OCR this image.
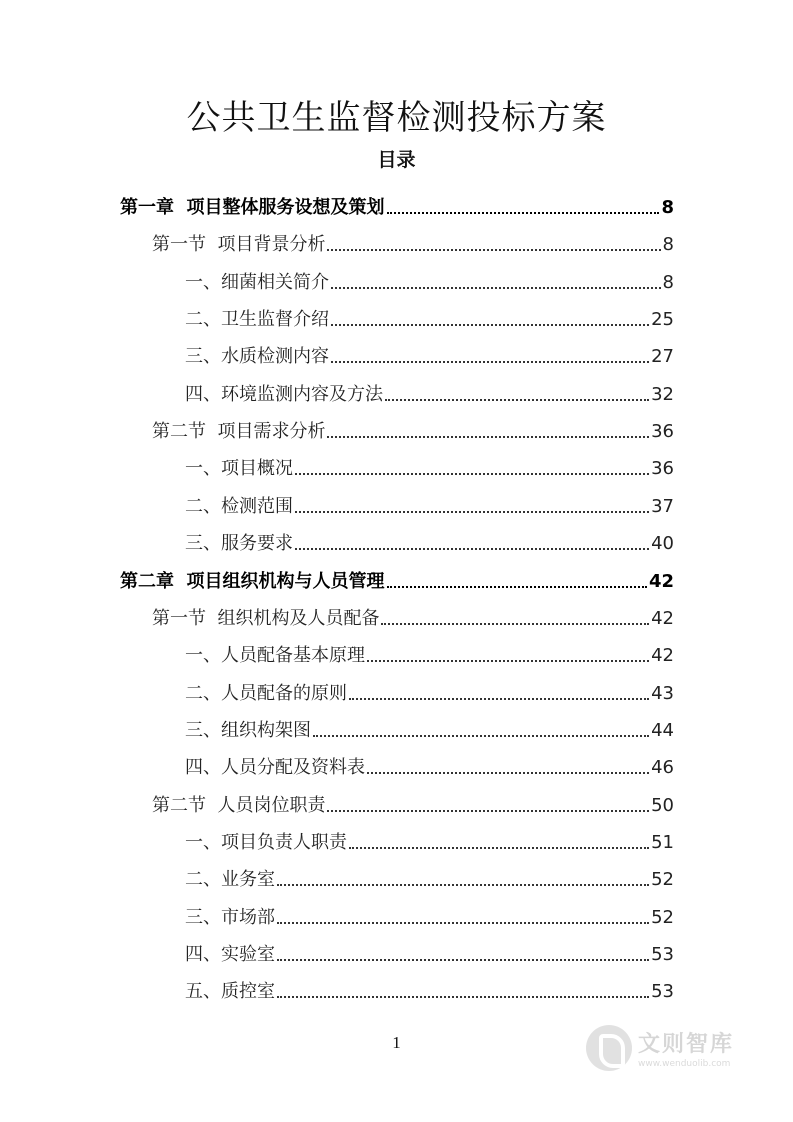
公共卫生监督检测投标方案
目录
第一章  项目整体服务设想及策划	8
第一节  项目背景分析	8
一、细菌相关简介	8
二、卫生监督介绍	25
三、水质检测内容	27
四、环境监测内容及方法	32
第二节  项目需求分析	36
一、项目概况	36
二、检测范围	37
三、服务要求	40
第二章  项目组织机构与人员管理	42
第一节  组织机构及人员配备	42
一、人员配备基本原理	42
二、人员配备的原则	43
三、组织构架图	44
四、人员分配及资料表	46
第二节  人员岗位职责	50
一、项目负责人职责	51
二、业务室	52
三、市场部	52
四、实验室	53
五、质控室	53
1	文则智库
www.wenduolib.com
